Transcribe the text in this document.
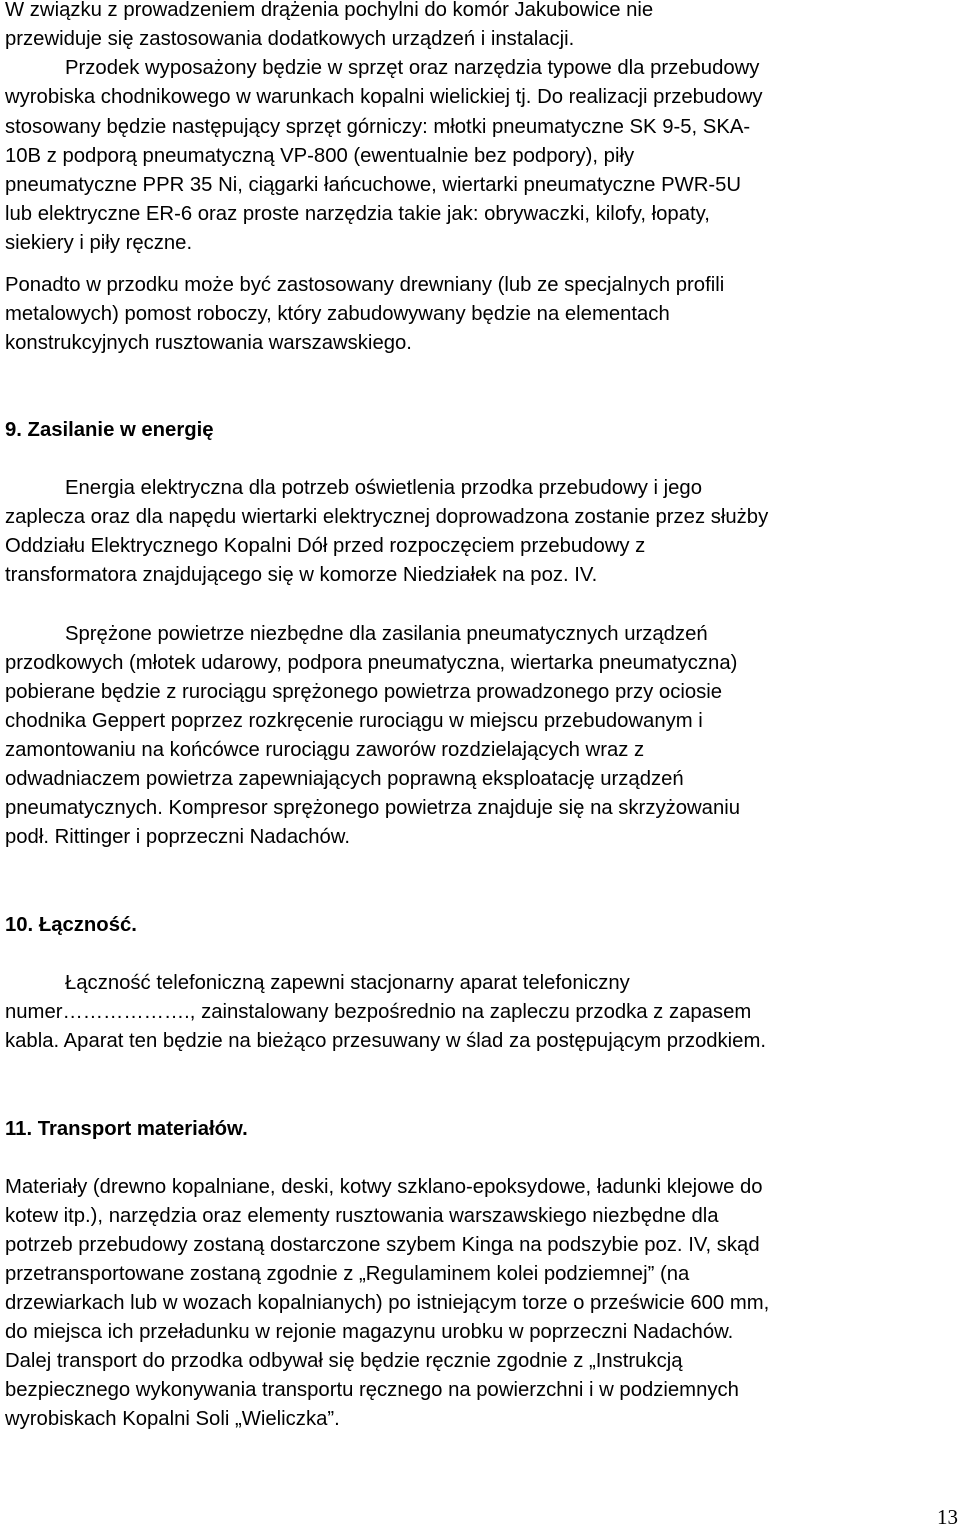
W związku z prowadzeniem drążenia pochylni do komór Jakubowice nie
przewiduje się zastosowania dodatkowych urządzeń i instalacji.
Przodek wyposażony będzie w sprzęt oraz narzędzia typowe dla przebudowy
wyrobiska chodnikowego w warunkach kopalni wielickiej tj. Do realizacji przebudowy
stosowany będzie następujący sprzęt górniczy: młotki pneumatyczne SK 9-5, SKA-
10B z podporą pneumatyczną VP-800 (ewentualnie bez podpory), piły
pneumatyczne PPR 35 Ni, ciągarki łańcuchowe, wiertarki pneumatyczne PWR-5U
lub elektryczne ER-6 oraz proste narzędzia takie jak: obrywaczki, kilofy, łopaty,
siekiery i piły ręczne.
Ponadto w przodku może być zastosowany drewniany (lub ze specjalnych profili
metalowych) pomost roboczy, który zabudowywany będzie na elementach
konstrukcyjnych rusztowania warszawskiego.
9. Zasilanie w energię
Energia elektryczna dla potrzeb oświetlenia przodka przebudowy i jego
zaplecza oraz dla napędu wiertarki elektrycznej doprowadzona zostanie przez służby
Oddziału Elektrycznego Kopalni Dół przed rozpoczęciem przebudowy z
transformatora znajdującego się w komorze Niedziałek na poz. IV.
Sprężone powietrze niezbędne dla zasilania pneumatycznych urządzeń
przodkowych (młotek udarowy, podpora pneumatyczna, wiertarka pneumatyczna)
pobierane będzie z rurociągu sprężonego powietrza prowadzonego przy ociosie
chodnika Geppert poprzez rozkręcenie rurociągu w miejscu przebudowanym i
zamontowaniu na końcówce rurociągu zaworów rozdzielających wraz z
odwadniaczem powietrza zapewniających poprawną eksploatację urządzeń
pneumatycznych. Kompresor sprężonego powietrza znajduje się na skrzyżowaniu
podł. Rittinger i poprzeczni Nadachów.
10. Łączność.
Łączność telefoniczną zapewni stacjonarny aparat telefoniczny
numer………………., zainstalowany bezpośrednio na zapleczu przodka z zapasem
kabla. Aparat ten będzie na bieżąco przesuwany w ślad za postępującym przodkiem.
11. Transport materiałów.
Materiały (drewno kopalniane, deski, kotwy szklano-epoksydowe, ładunki klejowe do
kotew itp.), narzędzia oraz elementy rusztowania warszawskiego niezbędne dla
potrzeb przebudowy zostaną dostarczone szybem Kinga na podszybie poz. IV, skąd
przetransportowane zostaną zgodnie z „Regulaminem kolei podziemnej” (na
drzewiarkach lub w wozach kopalnianych) po istniejącym torze o prześwicie 600 mm,
do miejsca ich przeładunku w rejonie magazynu urobku w poprzeczni Nadachów.
Dalej transport do przodka odbywał się będzie ręcznie zgodnie z „Instrukcją
bezpiecznego wykonywania transportu ręcznego na powierzchni i w podziemnych
wyrobiskach Kopalni Soli „Wieliczka”.
13
